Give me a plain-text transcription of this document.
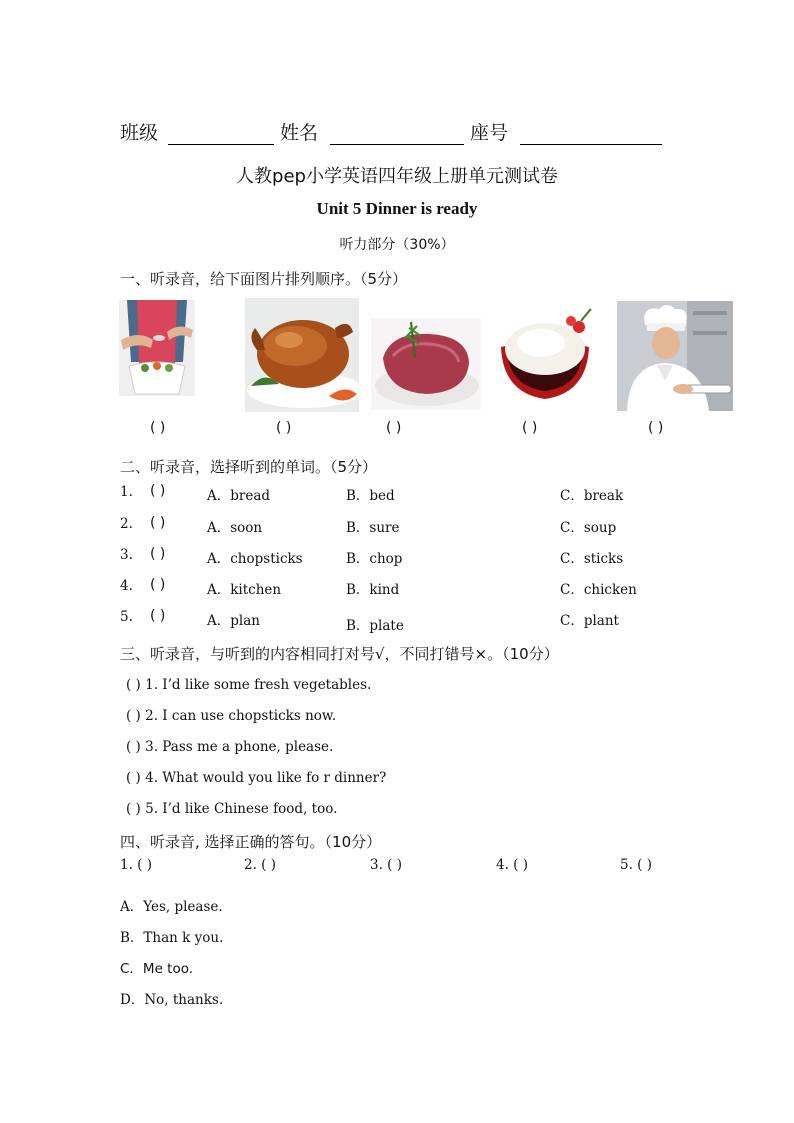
班级	姓名	座号
人教pep小学英语四年级上册单元测试卷
Unit 5 Dinner is ready
听力部分（30%）
一、听录音，给下面图片排列顺序。（5分）
( )	( )	( )	( )	( )
二、听录音，选择听到的单词。（5分）
1. ( )	A．bread	B．bed	C．break
2. ( )	A．soon	B．sure	C．soup
3. ( )	A．chopsticks	B．chop	C．sticks
4. ( )	A．kitchen	B．kind	C．chicken
5. ( )	A．plan	B．plate	C．plant
三、听录音，与听到的内容相同打对号√，不同打错号×。（10分）
( ) 1. I’d like some fresh vegetables.
( ) 2. I can use chopsticks now.
( ) 3. Pass me a phone, please.
( ) 4. What would you like fo r dinner?
( ) 5. I’d like Chinese food, too.
四、听录音, 选择正确的答句。（10分）
1. ( )	2. ( )	3. ( )	4. ( )	5. ( )
A．Yes, please.
B．Than k you.
C．Me too.
D．No, thanks.
